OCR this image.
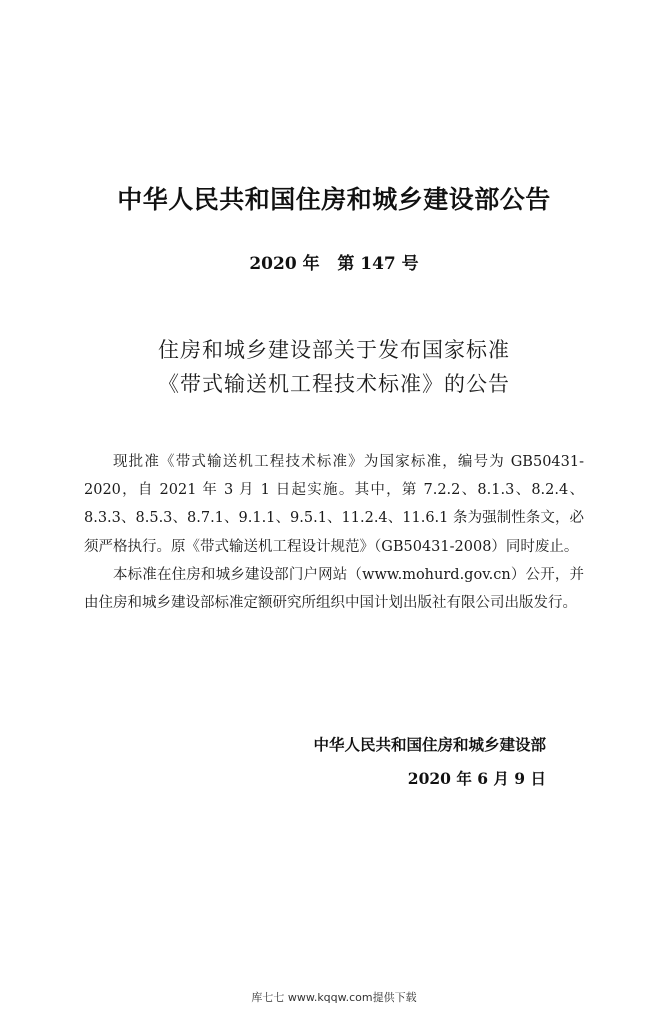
中华人民共和国住房和城乡建设部公告
2020 年   第 147 号
住房和城乡建设部关于发布国家标准
《带式输送机工程技术标准》的公告

现批准《带式输送机工程技术标准》为国家标准，编号为 GB50431-2020，自 2021 年 3 月 1 日起实施。其中，第 7.2.2、8.1.3、8.2.4、8.3.3、8.5.3、8.7.1、9.1.1、9.5.1、11.2.4、11.6.1 条为强制性条文，必须严格执行。原《带式输送机工程设计规范》（GB50431-2008）同时废止。

本标准在住房和城乡建设部门户网站（www.mohurd.gov.cn）公开，并由住房和城乡建设部标准定额研究所组织中国计划出版社有限公司出版发行。

中华人民共和国住房和城乡建设部
2020 年 6 月 9 日
库七七 www.kqqw.com提供下载
